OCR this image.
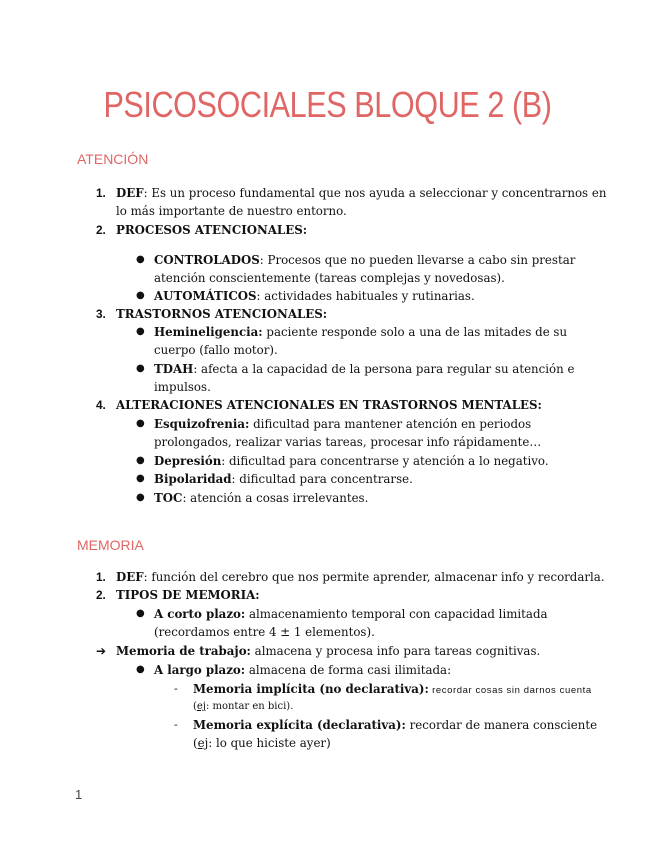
PSICOSOCIALES BLOQUE 2 (B)
ATENCIÓN
1. DEF: Es un proceso fundamental que nos ayuda a seleccionar y concentrarnos en
lo más importante de nuestro entorno.
2. PROCESOS ATENCIONALES:
● CONTROLADOS: Procesos que no pueden llevarse a cabo sin prestar
atención conscientemente (tareas complejas y novedosas).
● AUTOMÁTICOS: actividades habituales y rutinarias.
3. TRASTORNOS ATENCIONALES:
● Hemineligencia: paciente responde solo a una de las mitades de su
cuerpo (fallo motor).
● TDAH: afecta a la capacidad de la persona para regular su atención e
impulsos.
4. ALTERACIONES ATENCIONALES EN TRASTORNOS MENTALES:
● Esquizofrenia: dificultad para mantener atención en periodos
prolongados, realizar varias tareas, procesar info rápidamente…
● Depresión: dificultad para concentrarse y atención a lo negativo.
● Bipolaridad: dificultad para concentrarse.
● TOC: atención a cosas irrelevantes.
MEMORIA
1. DEF: función del cerebro que nos permite aprender, almacenar info y recordarla.
2. TIPOS DE MEMORIA:
● A corto plazo: almacenamiento temporal con capacidad limitada
(recordamos entre 4 ± 1 elementos).
➔ Memoria de trabajo: almacena y procesa info para tareas cognitivas.
● A largo plazo: almacena de forma casi ilimitada:
- Memoria implícita (no declarativa): recordar cosas sin darnos cuenta
(ej: montar en bici).
- Memoria explícita (declarativa): recordar de manera consciente
(ej: lo que hiciste ayer)
1
